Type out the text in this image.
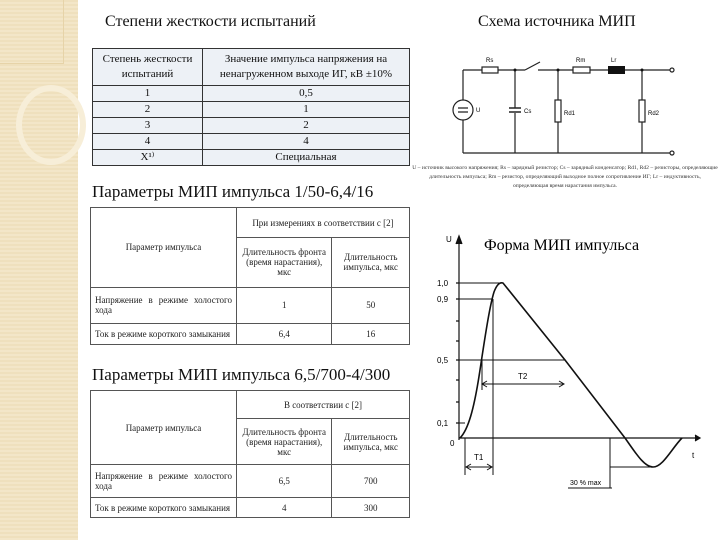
Степени жесткости испытаний	Схема источника МИП
Степень жесткости испытаний	Значение импульса напряжения на ненагруженном выходе ИГ, кВ ±10%
1	0,5
2	1
3	2
4	4
X¹⁾	Специальная
Rs	Rm	Lr
U	Cs	Rd1	Rd2
U – источник высокого напряжения; Rs – зарядный резистор; Cs – зарядный конденсатор; Rd1, Rd2 – резисторы, определяющие длительность импульса; Rm – резистор, определяющий выходное полное сопротивление ИГ; Lr – индуктивность, определяющая время нарастания импульса.
Параметры МИП импульса 1/50-6,4/16
Параметр импульса	При измерениях в соответствии с [2]	
	Длительность фронта (время нарастания), мкс	Длительность импульса, мкс
Напряжение в режиме холостого хода	1	50
Ток в режиме короткого замыкания	6,4	16
Параметры МИП импульса 6,5/700-4/300
Параметр импульса	В соответствии с [2]	
	Длительность фронта (время нарастания), мкс	Длительность импульса, мкс
Напряжение в режиме холостого хода	6,5	700
Ток в режиме короткого замыкания	4	300
Форма МИП импульса
U
t
1,0
0,9
0,5
0,1
0
T1
T2
30 % max
